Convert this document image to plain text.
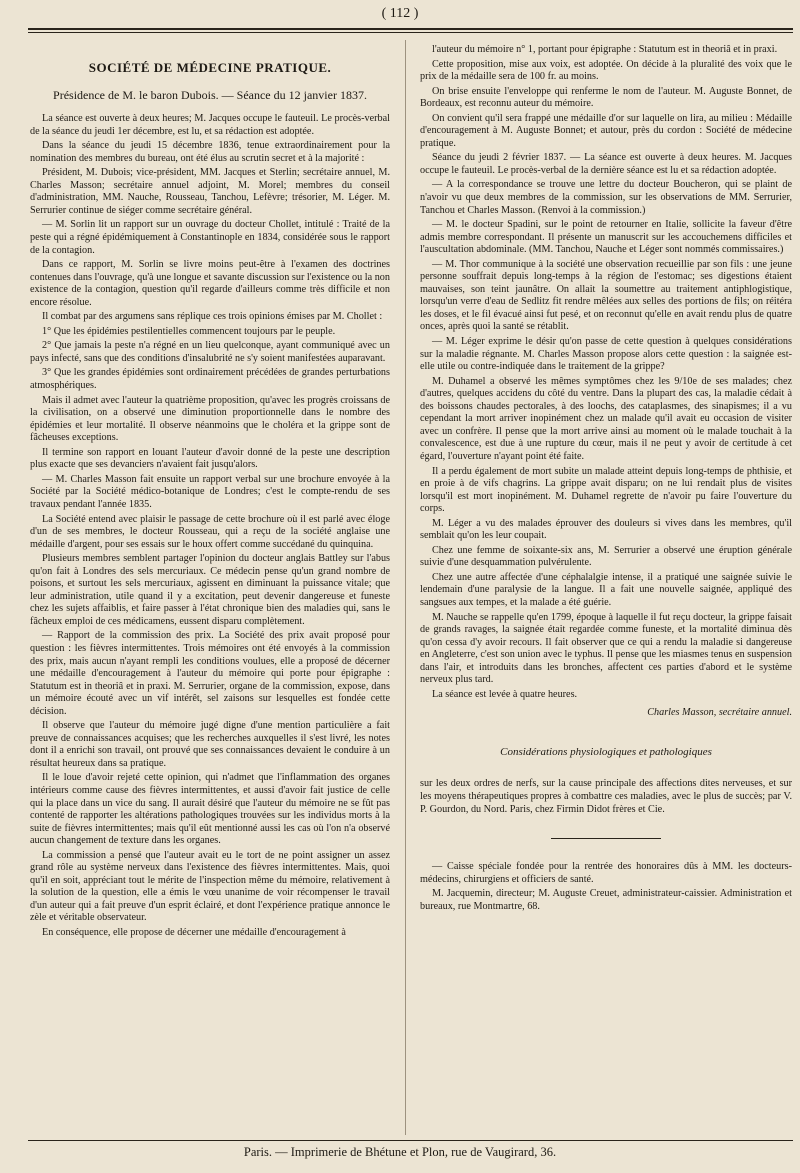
( 112 )
SOCIÉTÉ DE MÉDECINE PRATIQUE.
Présidence de M. le baron Dubois. — Séance du 12 janvier 1837.

La séance est ouverte à deux heures; M. Jacques occupe le fauteuil. Le procès-verbal de la séance du jeudi 1er décembre, est lu, et sa rédaction est adoptée.

Dans la séance du jeudi 15 décembre 1836, tenue extraordinairement pour la nomination des membres du bureau, ont été élus au scrutin secret et à la majorité :

Président, M. Dubois; vice-président, MM. Jacques et Sterlin; secrétaire annuel, M. Charles Masson; secrétaire annuel adjoint, M. Morel; membres du conseil d'administration, MM. Nauche, Rousseau, Tanchou, Lefèvre; trésorier, M. Léger. M. Serrurier continue de siéger comme secrétaire général.

— M. Sorlin lit un rapport sur un ouvrage du docteur Chollet, intitulé : Traité de la peste qui a régné épidémiquement à Constantinople en 1834, considérée sous le rapport de la contagion.

Dans ce rapport, M. Sorlin se livre moins peut-être à l'examen des doctrines contenues dans l'ouvrage, qu'à une longue et savante discussion sur l'existence ou la non existence de la contagion, question qu'il regarde d'ailleurs comme très difficile et non encore résolue.

Il combat par des argumens sans réplique ces trois opinions émises par M. Chollet :

1° Que les épidémies pestilentielles commencent toujours par le peuple.

2° Que jamais la peste n'a régné en un lieu quelconque, ayant communiqué avec un pays infecté, sans que des conditions d'insalubrité ne s'y soient manifestées auparavant.

3° Que les grandes épidémies sont ordinairement précédées de grandes perturbations atmosphériques.

Mais il admet avec l'auteur la quatrième proposition, qu'avec les progrès croissans de la civilisation, on a observé une diminution proportionnelle dans le nombre des épidémies et leur mortalité. Il observe néanmoins que le choléra et la grippe sont de fâcheuses exceptions.

Il termine son rapport en louant l'auteur d'avoir donné de la peste une description plus exacte que ses devanciers n'avaient fait jusqu'alors.

— M. Charles Masson fait ensuite un rapport verbal sur une brochure envoyée à la Société par la Société médico-botanique de Londres; c'est le compte-rendu de ses travaux pendant l'année 1835.

La Société entend avec plaisir le passage de cette brochure où il est parlé avec éloge d'un de ses membres, le docteur Rousseau, qui a reçu de la société anglaise une médaille d'argent, pour ses essais sur le houx offert comme succédané du quinquina.

Plusieurs membres semblent partager l'opinion du docteur anglais Battley sur l'abus qu'on fait à Londres des sels mercuriaux. Ce médecin pense qu'un grand nombre de poisons, et surtout les sels mercuriaux, agissent en diminuant la puissance vitale; que leur administration, utile quand il y a excitation, peut devenir dangereuse et funeste chez les sujets affaiblis, et faire passer à l'état chronique bien des maladies qui, sans le fâcheux emploi de ces médicamens, eussent disparu complètement.

— Rapport de la commission des prix. La Société des prix avait proposé pour question : les fièvres intermittentes. Trois mémoires ont été envoyés à la commission des prix, mais aucun n'ayant rempli les conditions voulues, elle a proposé de décerner une médaille d'encouragement à l'auteur du mémoire qui porte pour épigraphe : Statutum est in theoriâ et in praxi. M. Serrurier, organe de la commission, expose, dans un mémoire écouté avec un vif intérêt, sel zaisons sur lesquelles est fondée cette décision.

Il observe que l'auteur du mémoire jugé digne d'une mention particulière a fait preuve de connaissances acquises; que les recherches auxquelles il s'est livré, les notes dont il a enrichi son travail, ont prouvé que ses connaissances devaient le conduire à un résultat heureux dans sa pratique.

Il le loue d'avoir rejeté cette opinion, qui n'admet que l'inflammation des organes intérieurs comme cause des fièvres intermittentes, et aussi d'avoir fait justice de celle qui la place dans un vice du sang. Il aurait désiré que l'auteur du mémoire ne se fût pas contenté de rapporter les altérations pathologiques trouvées sur les individus morts à la suite de fièvres intermittentes; mais qu'il eût mentionné aussi les cas où l'on n'a observé aucun changement de texture dans les organes.

La commission a pensé que l'auteur avait eu le tort de ne point assigner un assez grand rôle au système nerveux dans l'existence des fièvres intermittentes. Mais, quoi qu'il en soit, appréciant tout le mérite de l'inspection même du mémoire, relativement à la solution de la question, elle a émis le vœu unanime de voir récompenser le travail d'un auteur qui a fait preuve d'un esprit éclairé, et dont l'expérience pratique annonce le zèle et véritable observateur.

En conséquence, elle propose de décerner une médaille d'encouragement à

l'auteur du mémoire n° 1, portant pour épigraphe : Statutum est in theoriâ et in praxi.

Cette proposition, mise aux voix, est adoptée. On décide à la pluralité des voix que le prix de la médaille sera de 100 fr. au moins.

On brise ensuite l'enveloppe qui renferme le nom de l'auteur. M. Auguste Bonnet, de Bordeaux, est reconnu auteur du mémoire.

On convient qu'il sera frappé une médaille d'or sur laquelle on lira, au milieu : Médaille d'encouragement à M. Auguste Bonnet; et autour, près du cordon : Société de médecine pratique.

Séance du jeudi 2 février 1837. — La séance est ouverte à deux heures. M. Jacques occupe le fauteuil. Le procès-verbal de la dernière séance est lu et sa rédaction adoptée.

— A la correspondance se trouve une lettre du docteur Boucheron, qui se plaint de n'avoir vu que deux membres de la commission, sur les observations de MM. Serrurier, Tanchou et Charles Masson. (Renvoi à la commission.)

— M. le docteur Spadini, sur le point de retourner en Italie, sollicite la faveur d'être admis membre correspondant. Il présente un manuscrit sur les accouchemens difficiles et l'auscultation abdominale. (MM. Tanchou, Nauche et Léger sont nommés commissaires.)

— M. Thor communique à la société une observation recueillie par son fils : une jeune personne souffrait depuis long-temps à la région de l'estomac; ses digestions étaient mauvaises, son teint jaunâtre. On allait la soumettre au traitement antiphlogistique, lorsqu'un verre d'eau de Sedlitz fit rendre mêlées aux selles des portions de fils; on réitéra les doses, et le fil évacué ainsi fut pesé, et on reconnut qu'elle en avait rendu plus de quatre onces, après quoi la santé se rétablit.

— M. Léger exprime le désir qu'on passe de cette question à quelques considérations sur la maladie régnante. M. Charles Masson propose alors cette question : la saignée est-elle utile ou contre-indiquée dans le traitement de la grippe?

M. Duhamel a observé les mêmes symptômes chez les 9/10e de ses malades; chez d'autres, quelques accidens du côté du ventre. Dans la plupart des cas, la maladie cédait à des boissons chaudes pectorales, à des loochs, des cataplasmes, des sinapismes; il a vu cependant la mort arriver inopinément chez un malade qu'il avait eu occasion de visiter avec un confrère. Il pense que la mort arrive ainsi au moment où le malade touchait à la convalescence, est due à une rupture du cœur, mais il ne peut y avoir de certitude à cet égard, l'ouverture n'ayant point été faite.

Il a perdu également de mort subite un malade atteint depuis long-temps de phthisie, et en proie à de vifs chagrins. La grippe avait disparu; on ne lui rendait plus de visites lorsqu'il est mort inopinément. M. Duhamel regrette de n'avoir pu faire l'ouverture du corps.

M. Léger a vu des malades éprouver des douleurs si vives dans les membres, qu'il semblait qu'on les leur coupait.

Chez une femme de soixante-six ans, M. Serrurier a observé une éruption générale suivie d'une desquammation pulvérulente.

Chez une autre affectée d'une céphalalgie intense, il a pratiqué une saignée suivie le lendemain d'une paralysie de la langue. Il a fait une nouvelle saignée, appliqué des sangsues aux tempes, et la malade a été guérie.

M. Nauche se rappelle qu'en 1799, époque à laquelle il fut reçu docteur, la grippe faisait de grands ravages, la saignée était regardée comme funeste, et la mortalité diminua dès qu'on cessa d'y avoir recours. Il fait observer que ce qui a rendu la maladie si dangereuse en Angleterre, c'est son union avec le typhus. Il pense que les miasmes tenus en suspension dans l'air, et introduits dans les bronches, affectent ces parties d'abord et le système nerveux plus tard.

La séance est levée à quatre heures.

Charles Masson, secrétaire annuel.
Considérations physiologiques et pathologiques

sur les deux ordres de nerfs, sur la cause principale des affections dites nerveuses, et sur les moyens thérapeutiques propres à combattre ces maladies, avec le plus de succès; par V. P. Gourdon, du Nord. Paris, chez Firmin Didot frères et Cie.

— Caisse spéciale fondée pour la rentrée des honoraires dûs à MM. les docteurs-médecins, chirurgiens et officiers de santé.

M. Jacquemin, directeur; M. Auguste Creuet, administrateur-caissier. Administration et bureaux, rue Montmartre, 68.

Paris. — Imprimerie de Bhétune et Plon, rue de Vaugirard, 36.
